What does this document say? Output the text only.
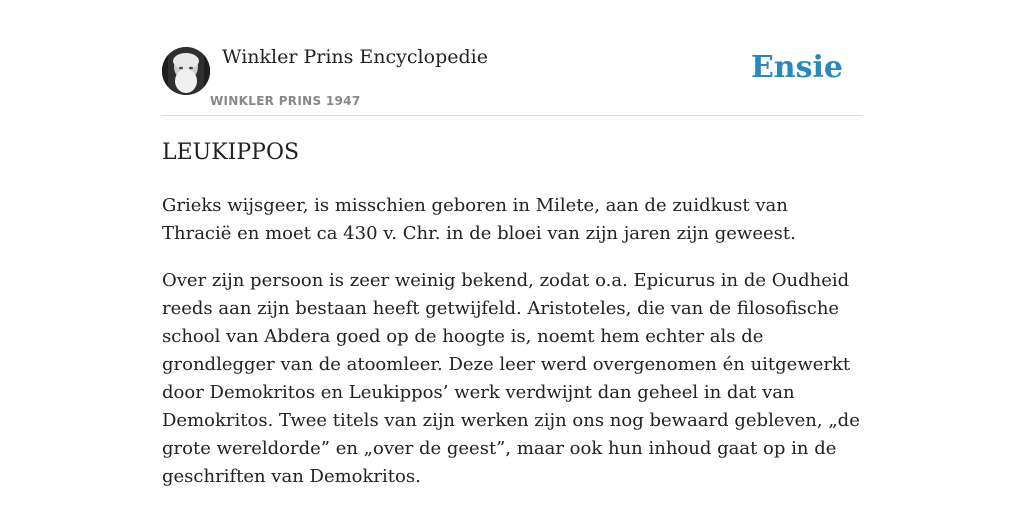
Winkler Prins Encyclopedie
WINKLER PRINS 1947
Ensie
LEUKIPPOS

Grieks wijsgeer, is misschien geboren in Milete, aan de zuidkust van Thracië en moet ca 430 v. Chr. in de bloei van zijn jaren zijn geweest.

Over zijn persoon is zeer weinig bekend, zodat o.a. Epicurus in de Oudheid reeds aan zijn bestaan heeft getwijfeld. Aristoteles, die van de filosofische school van Abdera goed op de hoogte is, noemt hem echter als de grondlegger van de atoomleer. Deze leer werd overgenomen én uitgewerkt door Demokritos en Leukippos’ werk verdwijnt dan geheel in dat van Demokritos. Twee titels van zijn werken zijn ons nog bewaard gebleven, „de grote wereldorde” en „over de geest”, maar ook hun inhoud gaat op in de geschriften van Demokritos.
